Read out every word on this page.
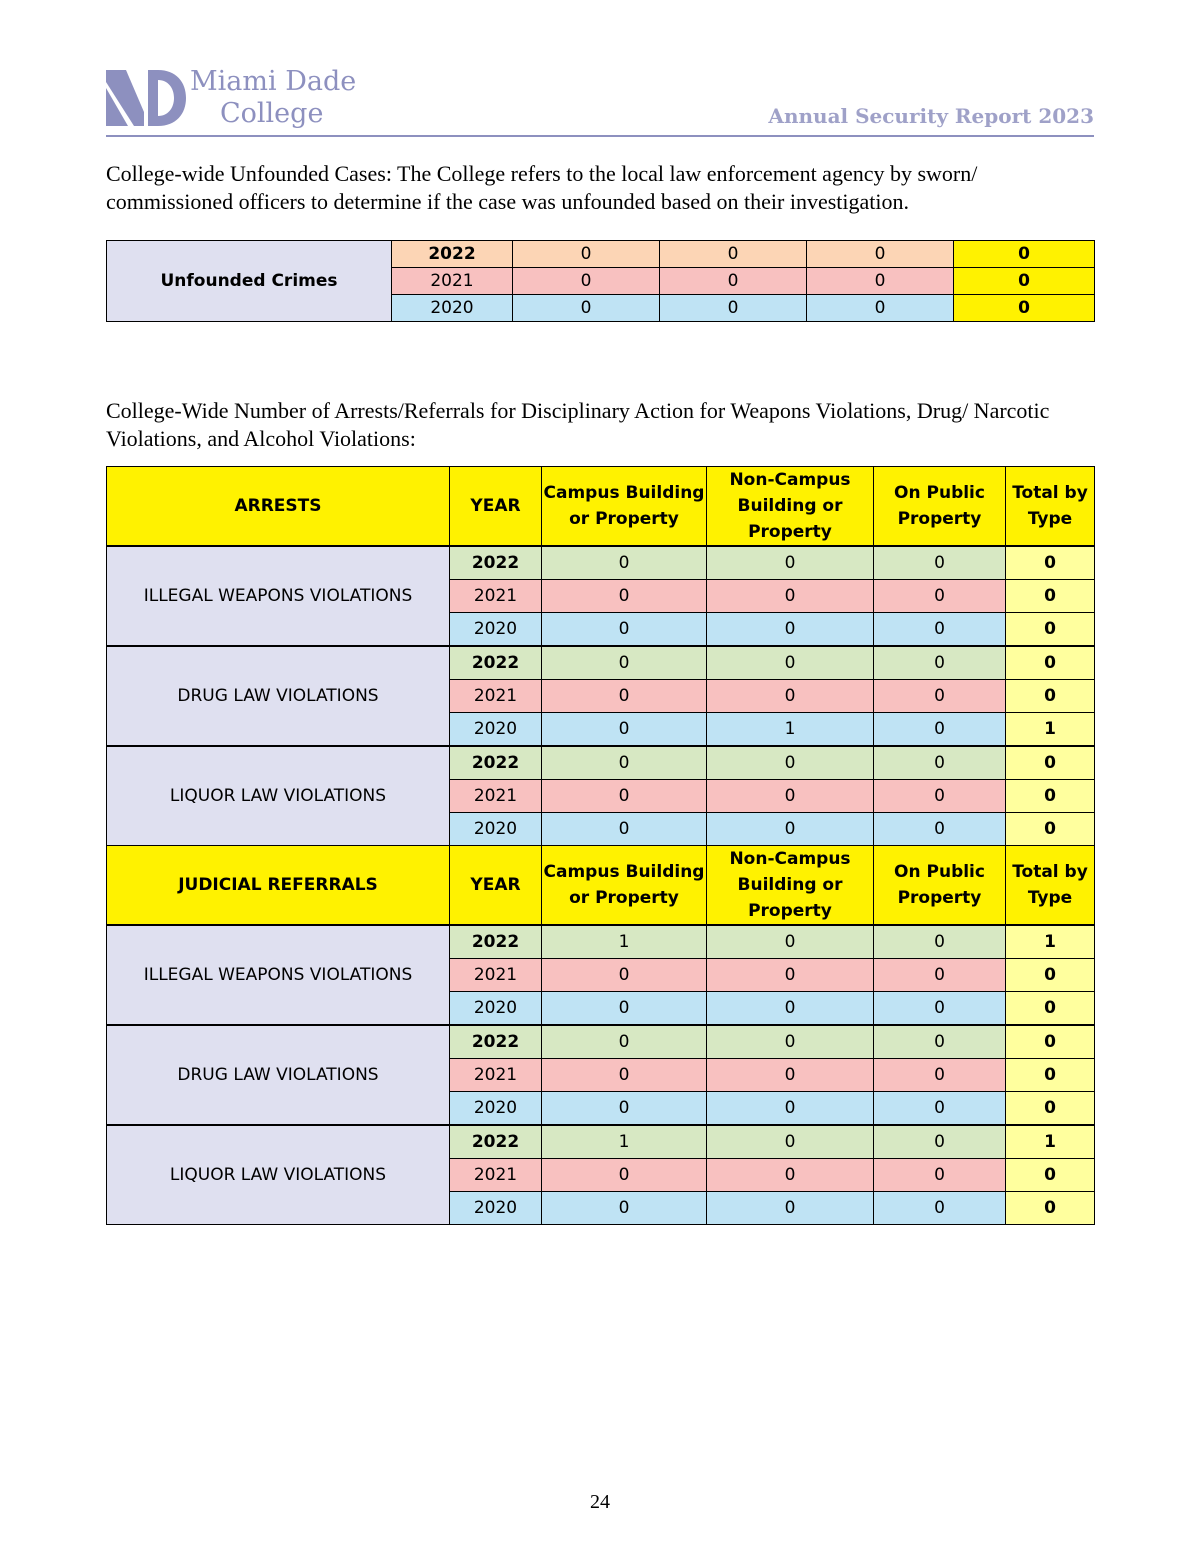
Miami Dade
College	Annual Security Report 2023

College-wide Unfounded Cases: The College refers to the local law enforcement agency by sworn/ commissioned officers to determine if the case was unfounded based on their investigation.

Unfounded Crimes	2022	0	0	0	0
	2021	0	0	0	0
	2020	0	0	0	0

College-Wide Number of Arrests/Referrals for Disciplinary Action for Weapons Violations, Drug/ Narcotic Violations, and Alcohol Violations:

ARRESTS	YEAR	Campus Building or Property	Non-Campus Building or Property	On Public Property	Total by Type
ILLEGAL WEAPONS VIOLATIONS	2022	0	0	0	0
	2021	0	0	0	0
	2020	0	0	0	0
DRUG LAW VIOLATIONS	2022	0	0	0	0
	2021	0	0	0	0
	2020	0	1	0	1
LIQUOR LAW VIOLATIONS	2022	0	0	0	0
	2021	0	0	0	0
	2020	0	0	0	0
JUDICIAL REFERRALS	YEAR	Campus Building or Property	Non-Campus Building or Property	On Public Property	Total by Type
ILLEGAL WEAPONS VIOLATIONS	2022	1	0	0	1
	2021	0	0	0	0
	2020	0	0	0	0
DRUG LAW VIOLATIONS	2022	0	0	0	0
	2021	0	0	0	0
	2020	0	0	0	0
LIQUOR LAW VIOLATIONS	2022	1	0	0	1
	2021	0	0	0	0
	2020	0	0	0	0
24
